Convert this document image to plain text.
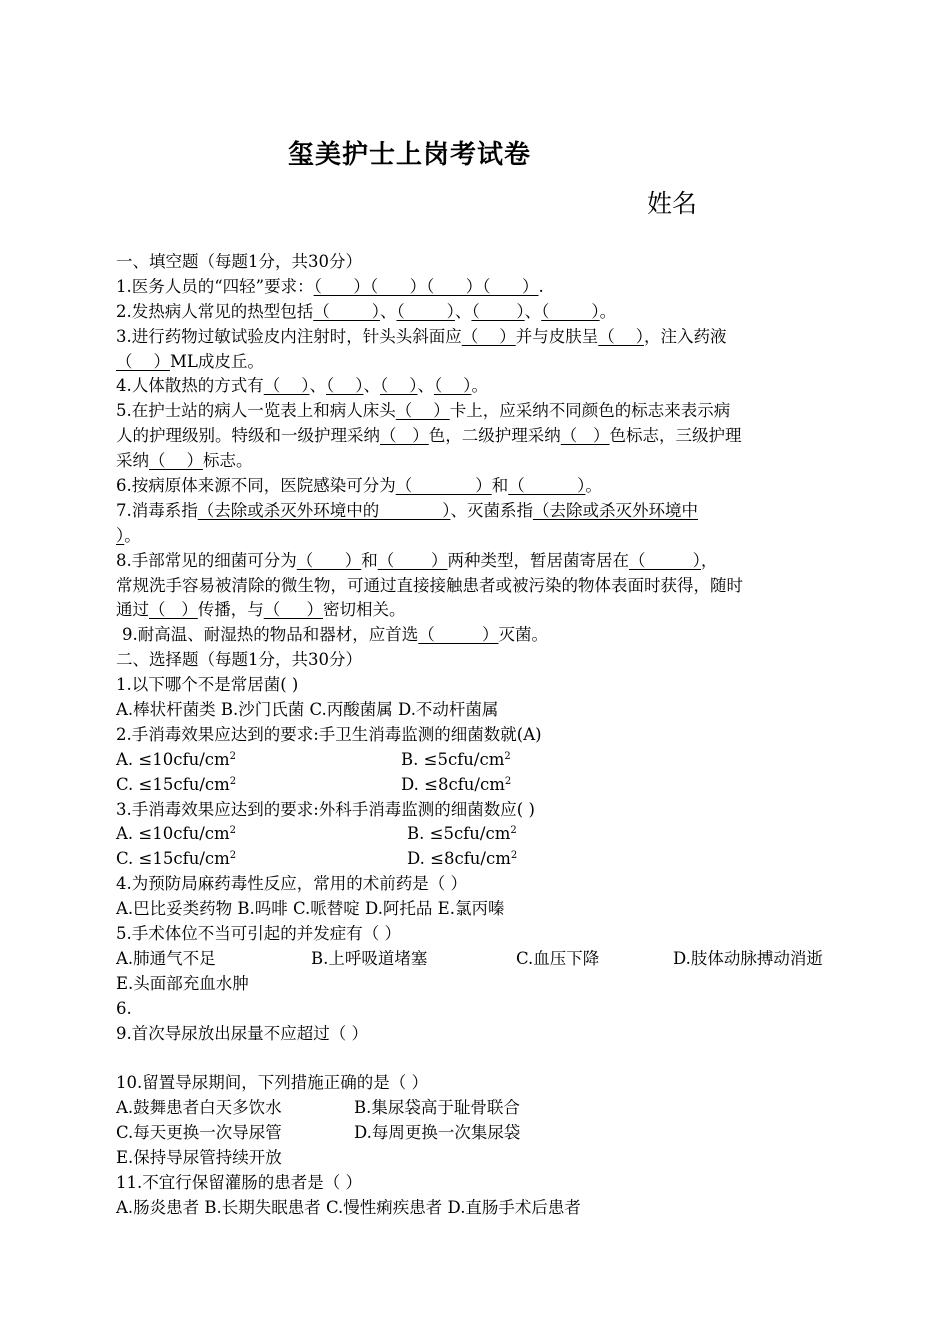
玺美护士上岗考试卷
姓名
一、填空题（每题1分，共30分）
1.医务人员的“四轻”要求：（      ）（      ）（      ）（      ）.
2.发热病人常见的热型包括（        ）、（        ）、（       ）、（        ）。
3.进行药物过敏试验皮内注射时，针头头斜面应（    ）并与皮肤呈（    ），注入药液
（    ）ML成皮丘。
4.人体散热的方式有（    ）、（    ）、（    ）、（    ）。
5.在护士站的病人一览表上和病人床头（    ）卡上，应采纳不同颜色的标志来表示病
人的护理级别。特级和一级护理采纳（   ）色，二级护理采纳（   ）色标志，三级护理
采纳（    ）标志。
6.按病原体来源不同，医院感染可分为（            ）和（          ）。
7.消毒系指（去除或杀灭外环境中的            ）、灭菌系指（去除或杀灭外环境中
）。
8.手部常见的细菌可分为（      ）和（       ）两种类型，暂居菌寄居在（         ），
常规洗手容易被清除的微生物，可通过直接接触患者或被污染的物体表面时获得，随时
通过（   ）传播，与（     ）密切相关。
9.耐高温、耐湿热的物品和器材，应首选（         ）灭菌。
二、选择题（每题1分，共30分）
1.以下哪个不是常居菌( )
A.棒状杆菌类 B.沙门氏菌 C.丙酸菌属 D.不动杆菌属
2.手消毒效果应达到的要求:手卫生消毒监测的细菌数就(A)
A. $\le 10cfu/cm^2$	B. $\le 5cfu/cm^2$
C. $\le 15cfu/cm^2$	D. $\le 8cfu/cm^2$
3.手消毒效果应达到的要求:外科手消毒监测的细菌数应( )
A. $\le 10cfu/cm^2$	B. $\le 5cfu/cm^2$
C. $\le 15cfu/cm^2$	D. $\le 8cfu/cm^2$
4.为预防局麻药毒性反应，常用的术前药是（ ）
A.巴比妥类药物 B.吗啡 C.哌替啶 D.阿托品 E.氯丙嗪
5.手术体位不当可引起的并发症有（ ）
A.肺通气不足	B.上呼吸道堵塞	C.血压下降	D.肢体动脉搏动消逝
E.头面部充血水肿
6.
9.首次导尿放出尿量不应超过（ ）
10.留置导尿期间，下列措施正确的是（ ）
A.鼓舞患者白天多饮水	B.集尿袋高于耻骨联合
C.每天更换一次导尿管	D.每周更换一次集尿袋
E.保持导尿管持续开放
11.不宜行保留灌肠的患者是（ ）
A.肠炎患者 B.长期失眠患者 C.慢性痢疾患者 D.直肠手术后患者
